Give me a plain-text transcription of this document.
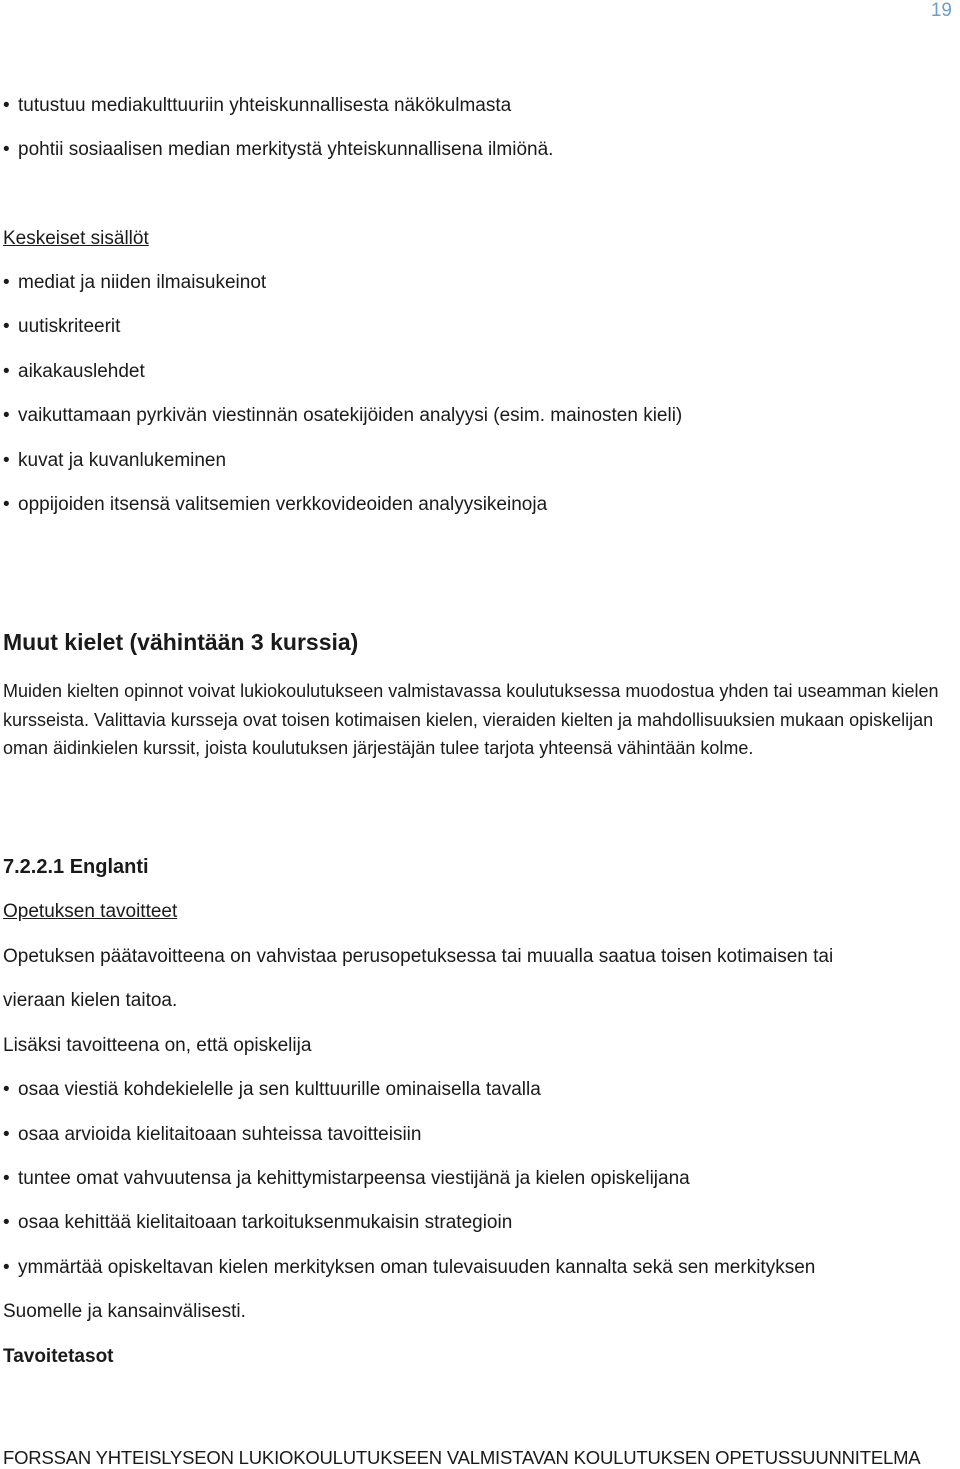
19
• tutustuu mediakulttuuriin yhteiskunnallisesta näkökulmasta
• pohtii sosiaalisen median merkitystä yhteiskunnallisena ilmiönä.
Keskeiset sisällöt
• mediat ja niiden ilmaisukeinot
• uutiskriteerit
• aikakauslehdet
• vaikuttamaan pyrkivän viestinnän osatekijöiden analyysi (esim. mainosten kieli)
• kuvat ja kuvanlukeminen
• oppijoiden itsensä valitsemien verkkovideoiden analyysikeinoja
Muut kielet (vähintään 3 kurssia)
Muiden kielten opinnot voivat lukiokoulutukseen valmistavassa koulutuksessa muodostua yhden tai useamman kielen kursseista. Valittavia kursseja ovat toisen kotimaisen kielen, vieraiden kielten ja mahdollisuuksien mukaan opiskelijan oman äidinkielen kurssit, joista koulutuksen järjestäjän tulee tarjota yhteensä vähintään kolme.
7.2.2.1 Englanti
Opetuksen tavoitteet
Opetuksen päätavoitteena on vahvistaa perusopetuksessa tai muualla saatua toisen kotimaisen tai
vieraan kielen taitoa.
Lisäksi tavoitteena on, että opiskelija
• osaa viestiä kohdekielelle ja sen kulttuurille ominaisella tavalla
• osaa arvioida kielitaitoaan suhteissa tavoitteisiin
• tuntee omat vahvuutensa ja kehittymistarpeensa viestijänä ja kielen opiskelijana
• osaa kehittää kielitaitoaan tarkoituksenmukaisin strategioin
• ymmärtää opiskeltavan kielen merkityksen oman tulevaisuuden kannalta sekä sen merkityksen
Suomelle ja kansainvälisesti.
Tavoitetasot
FORSSAN YHTEISLYSEON LUKIOKOULUTUKSEEN VALMISTAVAN KOULUTUKSEN OPETUSSUUNNITELMA
